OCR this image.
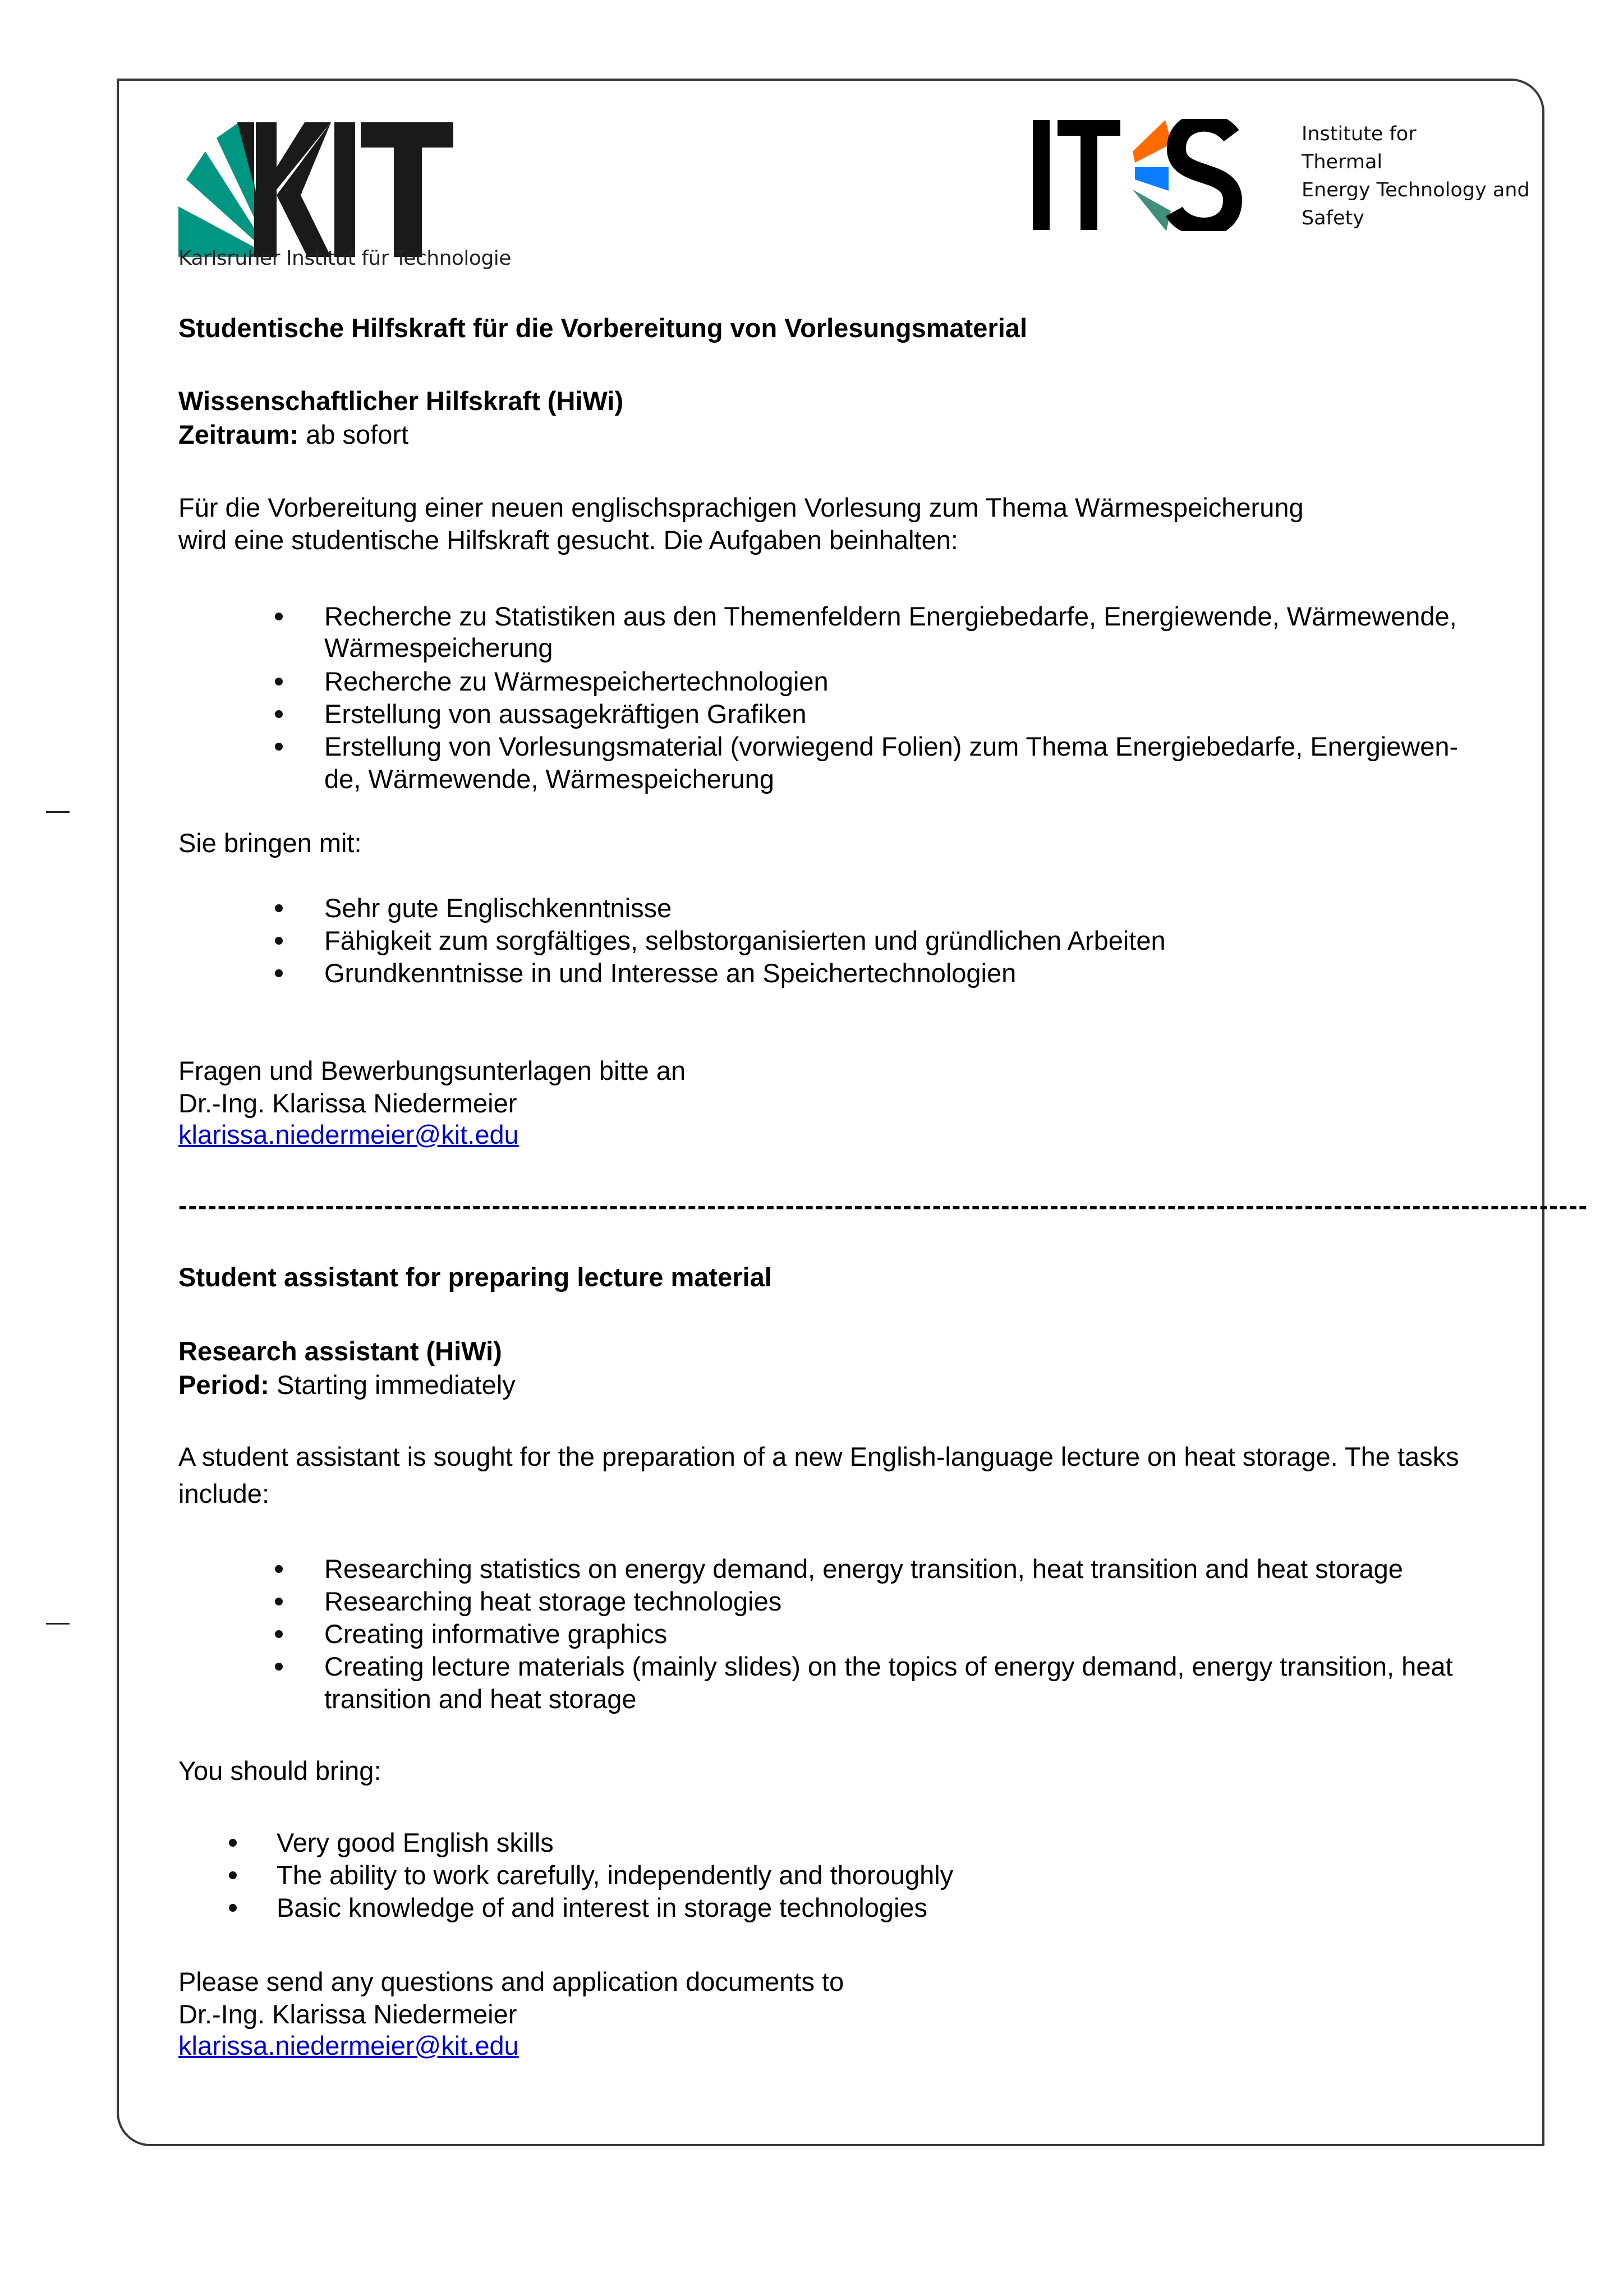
Karlsruher Institut für Technologie
Institute for
Thermal
Energy Technology and
Safety
Studentische Hilfskraft für die Vorbereitung von Vorlesungsmaterial
Wissenschaftlicher Hilfskraft (HiWi)
Zeitraum: ab sofort
Für die Vorbereitung einer neuen englischsprachigen Vorlesung zum Thema Wärmespeicherung
wird eine studentische Hilfskraft gesucht. Die Aufgaben beinhalten:
Recherche zu Statistiken aus den Themenfeldern Energiebedarfe, Energiewende, Wärmewende,
Wärmespeicherung
Recherche zu Wärmespeichertechnologien
Erstellung von aussagekräftigen Grafiken
Erstellung von Vorlesungsmaterial (vorwiegend Folien) zum Thema Energiebedarfe, Energiewen-
de, Wärmewende, Wärmespeicherung
Sie bringen mit:
Sehr gute Englischkenntnisse
Fähigkeit zum sorgfältiges, selbstorganisierten und gründlichen Arbeiten
Grundkenntnisse in und Interesse an Speichertechnologien
Fragen und Bewerbungsunterlagen bitte an
Dr.-Ing. Klarissa Niedermeier
klarissa.niedermeier@kit.edu
------------------------------------------------------------------------------------------------------------------------------------------------
Student assistant for preparing lecture material
Research assistant (HiWi)
Period: Starting immediately
A student assistant is sought for the preparation of a new English-language lecture on heat storage. The tasks
include:
Researching statistics on energy demand, energy transition, heat transition and heat storage
Researching heat storage technologies
Creating informative graphics
Creating lecture materials (mainly slides) on the topics of energy demand, energy transition, heat
transition and heat storage
You should bring:
Very good English skills
The ability to work carefully, independently and thoroughly
Basic knowledge of and interest in storage technologies
Please send any questions and application documents to
Dr.-Ing. Klarissa Niedermeier
klarissa.niedermeier@kit.edu
